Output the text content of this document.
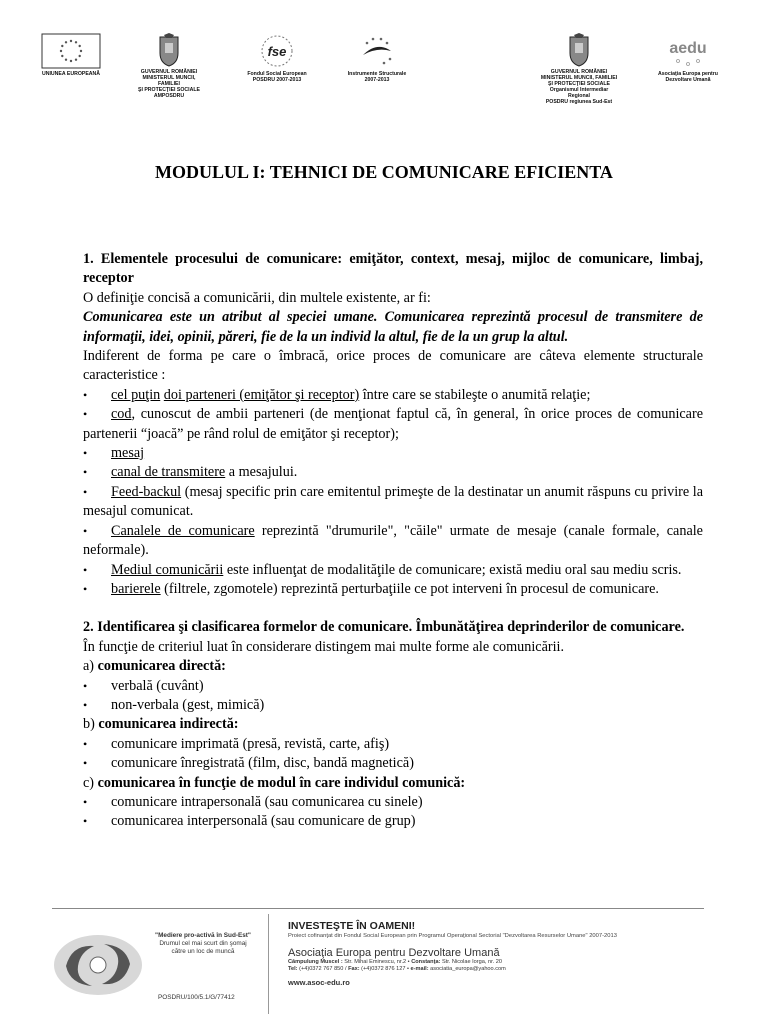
UNIUNEA EUROPEANĂ	GUVERNUL ROMÂNIEI
MINISTERUL MUNCII, FAMILIEI
ŞI PROTECŢIEI SOCIALE
AMPOSDRU
fse
Fondul Social European
POSDRU 2007-2013
Instrumente Structurale
2007-2013
GUVERNUL ROMÂNIEI
MINISTERUL MUNCII, FAMILIEI
ŞI PROTECŢIEI SOCIALE
Organismul Intermediar Regional
POSDRU regiunea Sud-Est
aedu
Asociaţia Europa pentru
Dezvoltare Umană
MODULUL I: TEHNICI DE COMUNICARE EFICIENTA

1. Elementele procesului de comunicare: emiţător, context, mesaj, mijloc de comunicare, limbaj, receptor

O definiţie concisă a comunicării, din multele existente, ar fi:

Comunicarea este un atribut al speciei umane. Comunicarea reprezintă procesul de transmitere de informaţii, idei, opinii, păreri, fie de la un individ la altul, fie de la un grup la altul.

Indiferent de forma pe care o îmbracă, orice proces de comunicare are câteva elemente structurale caracteristice :

•	cel puţin doi parteneri (emiţător şi receptor) între care se stabileşte o anumită relaţie;

• cod, cunoscut de ambii parteneri (de menţionat faptul că, în general, în orice proces de comunicare partenerii “joacă” pe rând rolul de emiţător şi receptor);

•	mesaj
•	canal de transmitere a mesajului.

• Feed-backul (mesaj specific prin care emitentul primeşte de la destinatar un anumit răspuns cu privire la mesajul comunicat.

• Canalele de comunicare reprezintă "drumurile", "căile" urmate de mesaje (canale formale, canale neformale).

• Mediul comunicării este influenţat de modalităţile de comunicare; există mediu oral sau mediu scris.

• barierele (filtrele, zgomotele) reprezintă perturbaţiile ce pot interveni în procesul de comunicare.

2. Identificarea şi clasificarea formelor de comunicare. Îmbunătăţirea deprinderilor de comunicare.

În funcţie de criteriul luat în considerare distingem mai multe forme ale comunicării.

a) comunicarea directă:

•	verbală (cuvânt)
•	non-verbala (gest, mimică)

b) comunicarea indirectă:

•	comunicare imprimată (presă, revistă, carte, afiş)
•	comunicare înregistrată (film, disc, bandă magnetică)

c) comunicarea în funcţie de modul în care individul comunică:

•	comunicare intrapersonală (sau comunicarea cu sinele)
•	comunicarea interpersonală (sau comunicare de grup)
"Mediere pro-activă în Sud-Est"
Drumul cel mai scurt din şomaj
către un loc de muncă
POSDRU/100/5.1/G/77412
INVESTEŞTE ÎN OAMENI!
Proiect cofinanţat din Fondul Social European prin Programul Operaţional Sectorial "Dezvoltarea Resurselor Umane" 2007-2013
Asociaţia Europa pentru Dezvoltare Umană
Câmpulung Muscel : Str. Mihai Eminescu, nr.2 • Constanţa: Str. Nicolae Iorga, nr. 20
Tel: (+4)0372 767 850 / Fax: (+4)0372 876 127 • e-mail: asociatia_europa@yahoo.com
www.asoc-edu.ro
